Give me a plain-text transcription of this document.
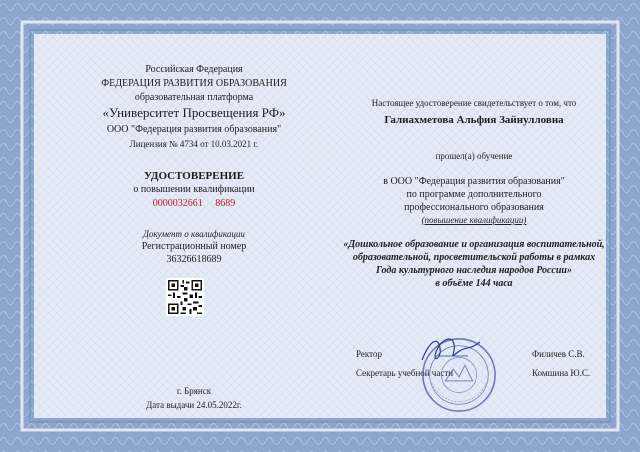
Российская Федерация
ФЕДЕРАЦИЯ РАЗВИТИЯ ОБРАЗОВАНИЯ
образовательная платформа
«Университет Просвещения РФ»
ООО "Федерация развития образования"
Лицензия № 4734 от 10.03.2021 г.
УДОСТОВЕРЕНИЕ
о повышении квалификации
0000032661     8689
Документ о квалификации
Регистрационный номер
36326618689
г. Брянск
Дата выдачи 24.05.2022г.
Настоящее удостоверение свидетельствует о том, что
Галиахметова Альфия Зайнулловна
прошел(а) обучение
в ООО "Федерация развития образования"
по программе дополнительного
профессионального образования
(повышение квалификации)
«Дошкольное образование и организация воспитательной,
образовательной, просветительской работы в рамках
Года культурного наследия народов России»
в объёме 144 часа
Ректор	Филичев С.В.
Секретарь учебной части	Комшина Ю.С.
